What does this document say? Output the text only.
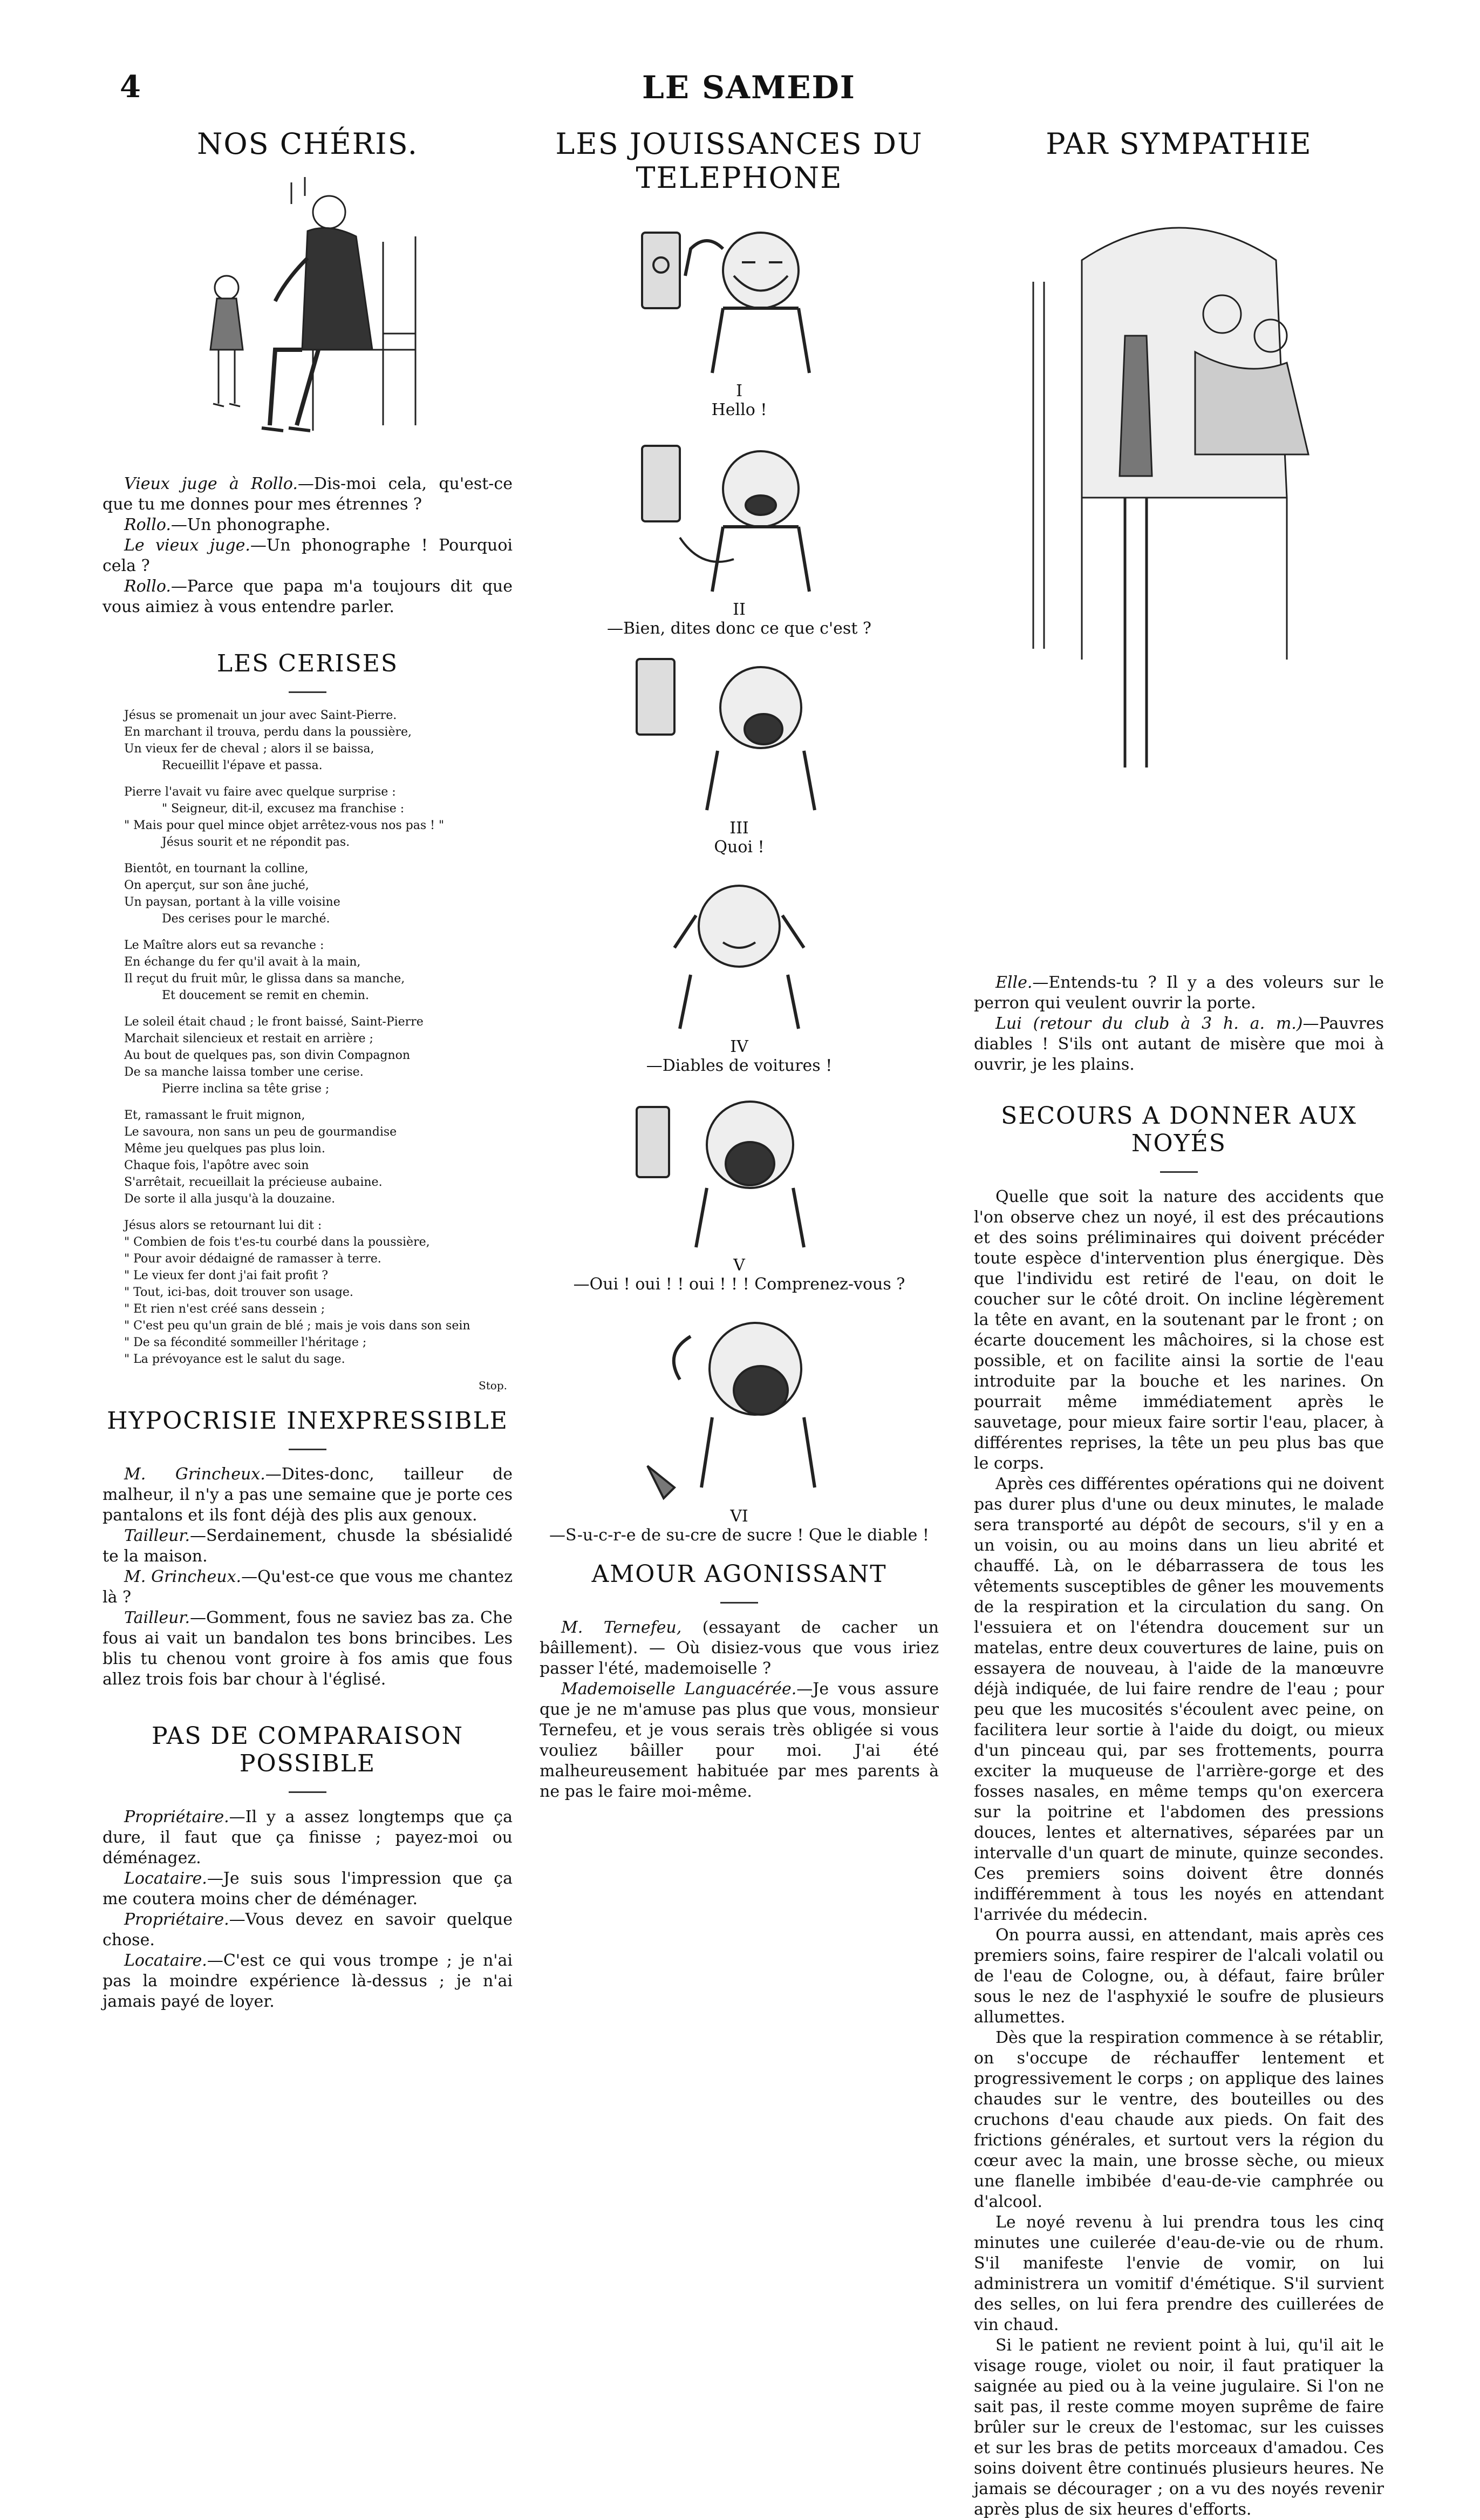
4	LE SAMEDI
NOS CHÉRIS.

Vieux juge à Rollo.—Dis-moi cela, qu'est-ce que tu me donnes pour mes étrennes ?

Rollo.—Un phonographe.

Le vieux juge.—Un phonographe ! Pourquoi cela ?

Rollo.—Parce que papa m'a toujours dit que vous aimiez à vous entendre parler.

LES CERISES
Jésus se promenait un jour avec Saint-Pierre.
En marchant il trouva, perdu dans la poussière,
Un vieux fer de cheval ; alors il se baissa,
Recueillit l'épave et passa.
Pierre l'avait vu faire avec quelque surprise :
" Seigneur, dit-il, excusez ma franchise :
" Mais pour quel mince objet arrêtez-vous nos pas ! "
Jésus sourit et ne répondit pas.
Bientôt, en tournant la colline,
On aperçut, sur son âne juché,
Un paysan, portant à la ville voisine
Des cerises pour le marché.
Le Maître alors eut sa revanche :
En échange du fer qu'il avait à la main,
Il reçut du fruit mûr, le glissa dans sa manche,
Et doucement se remit en chemin.
Le soleil était chaud ; le front baissé, Saint-Pierre
Marchait silencieux et restait en arrière ;
Au bout de quelques pas, son divin Compagnon
De sa manche laissa tomber une cerise.
Pierre inclina sa tête grise ;
Et, ramassant le fruit mignon,
Le savoura, non sans un peu de gourmandise
Même jeu quelques pas plus loin.
Chaque fois, l'apôtre avec soin
S'arrêtait, recueillait la précieuse aubaine.
De sorte il alla jusqu'à la douzaine.
Jésus alors se retournant lui dit :
" Combien de fois t'es-tu courbé dans la poussière,
" Pour avoir dédaigné de ramasser à terre.
" Le vieux fer dont j'ai fait profit ?
" Tout, ici-bas, doit trouver son usage.
" Et rien n'est créé sans dessein ;
" C'est peu qu'un grain de blé ; mais je vois dans son sein
" De sa fécondité sommeiller l'héritage ;
" La prévoyance est le salut du sage.
Stop.
HYPOCRISIE INEXPRESSIBLE

M. Grincheux.—Dites-donc, tailleur de malheur, il n'y a pas une semaine que je porte ces pantalons et ils font déjà des plis aux genoux.

Tailleur.—Serdainement, chusde la sbésialidé te la maison.

M. Grincheux.—Qu'est-ce que vous me chantez là ?

Tailleur.—Gomment, fous ne saviez bas za. Che fous ai vait un bandalon tes bons brincibes. Les blis tu chenou vont groire à fos amis que fous allez trois fois bar chour à l'églisé.

PAS DE COMPARAISON POSSIBLE

Propriétaire.—Il y a assez longtemps que ça dure, il faut que ça finisse ; payez-moi ou déménagez.

Locataire.—Je suis sous l'impression que ça me coutera moins cher de déménager.

Propriétaire.—Vous devez en savoir quelque chose.

Locataire.—C'est ce qui vous trompe ; je n'ai pas la moindre expérience là-dessus ; je n'ai jamais payé de loyer.

LES JOUISSANCES DU TELEPHONE
I
Hello !
II
—Bien, dites donc ce que c'est ?
III
Quoi !
IV
—Diables de voitures !
V
—Oui ! oui ! ! oui ! ! ! Comprenez-vous ?
VI
—S-u-c-r-e de su-cre de sucre ! Que le diable !
AMOUR AGONISSANT

M. Ternefeu, (essayant de cacher un bâillement). — Où disiez-vous que vous iriez passer l'été, mademoiselle ?

Mademoiselle Languacérée.—Je vous assure que je ne m'amuse pas plus que vous, monsieur Ternefeu, et je vous serais très obligée si vous vouliez bâiller pour moi. J'ai été malheureusement habituée par mes parents à ne pas le faire moi-même.

PAR SYMPATHIE

Elle.—Entends-tu ? Il y a des voleurs sur le perron qui veulent ouvrir la porte.

Lui (retour du club à 3 h. a. m.)—Pauvres diables ! S'ils ont autant de misère que moi à ouvrir, je les plains.

SECOURS A DONNER AUX NOYÉS

Quelle que soit la nature des accidents que l'on observe chez un noyé, il est des précautions et des soins préliminaires qui doivent précéder toute espèce d'intervention plus énergique. Dès que l'individu est retiré de l'eau, on doit le coucher sur le côté droit. On incline légèrement la tête en avant, en la soutenant par le front ; on écarte doucement les mâchoires, si la chose est possible, et on facilite ainsi la sortie de l'eau introduite par la bouche et les narines. On pourrait même immédiatement après le sauvetage, pour mieux faire sortir l'eau, placer, à différentes reprises, la tête un peu plus bas que le corps.

Après ces différentes opérations qui ne doivent pas durer plus d'une ou deux minutes, le malade sera transporté au dépôt de secours, s'il y en a un voisin, ou au moins dans un lieu abrité et chauffé. Là, on le débarrassera de tous les vêtements susceptibles de gêner les mouvements de la respiration et la circulation du sang. On l'essuiera et on l'étendra doucement sur un matelas, entre deux couvertures de laine, puis on essayera de nouveau, à l'aide de la manœuvre déjà indiquée, de lui faire rendre de l'eau ; pour peu que les mucosités s'écoulent avec peine, on facilitera leur sortie à l'aide du doigt, ou mieux d'un pinceau qui, par ses frottements, pourra exciter la muqueuse de l'arrière-gorge et des fosses nasales, en même temps qu'on exercera sur la poitrine et l'abdomen des pressions douces, lentes et alternatives, séparées par un intervalle d'un quart de minute, quinze secondes. Ces premiers soins doivent être donnés indifféremment à tous les noyés en attendant l'arrivée du médecin.

On pourra aussi, en attendant, mais après ces premiers soins, faire respirer de l'alcali volatil ou de l'eau de Cologne, ou, à défaut, faire brûler sous le nez de l'asphyxié le soufre de plusieurs allumettes.

Dès que la respiration commence à se rétablir, on s'occupe de réchauffer lentement et progressivement le corps ; on applique des laines chaudes sur le ventre, des bouteilles ou des cruchons d'eau chaude aux pieds. On fait des frictions générales, et surtout vers la région du cœur avec la main, une brosse sèche, ou mieux une flanelle imbibée d'eau-de-vie camphrée ou d'alcool.

Le noyé revenu à lui prendra tous les cinq minutes une cuilerée d'eau-de-vie ou de rhum. S'il manifeste l'envie de vomir, on lui administrera un vomitif d'émétique. S'il survient des selles, on lui fera prendre des cuillerées de vin chaud.

Si le patient ne revient point à lui, qu'il ait le visage rouge, violet ou noir, il faut pratiquer la saignée au pied ou à la veine jugulaire. Si l'on ne sait pas, il reste comme moyen suprême de faire brûler sur le creux de l'estomac, sur les cuisses et sur les bras de petits morceaux d'amadou. Ces soins doivent être continués plusieurs heures. Ne jamais se décourager ; on a vu des noyés revenir après plus de six heures d'efforts.
